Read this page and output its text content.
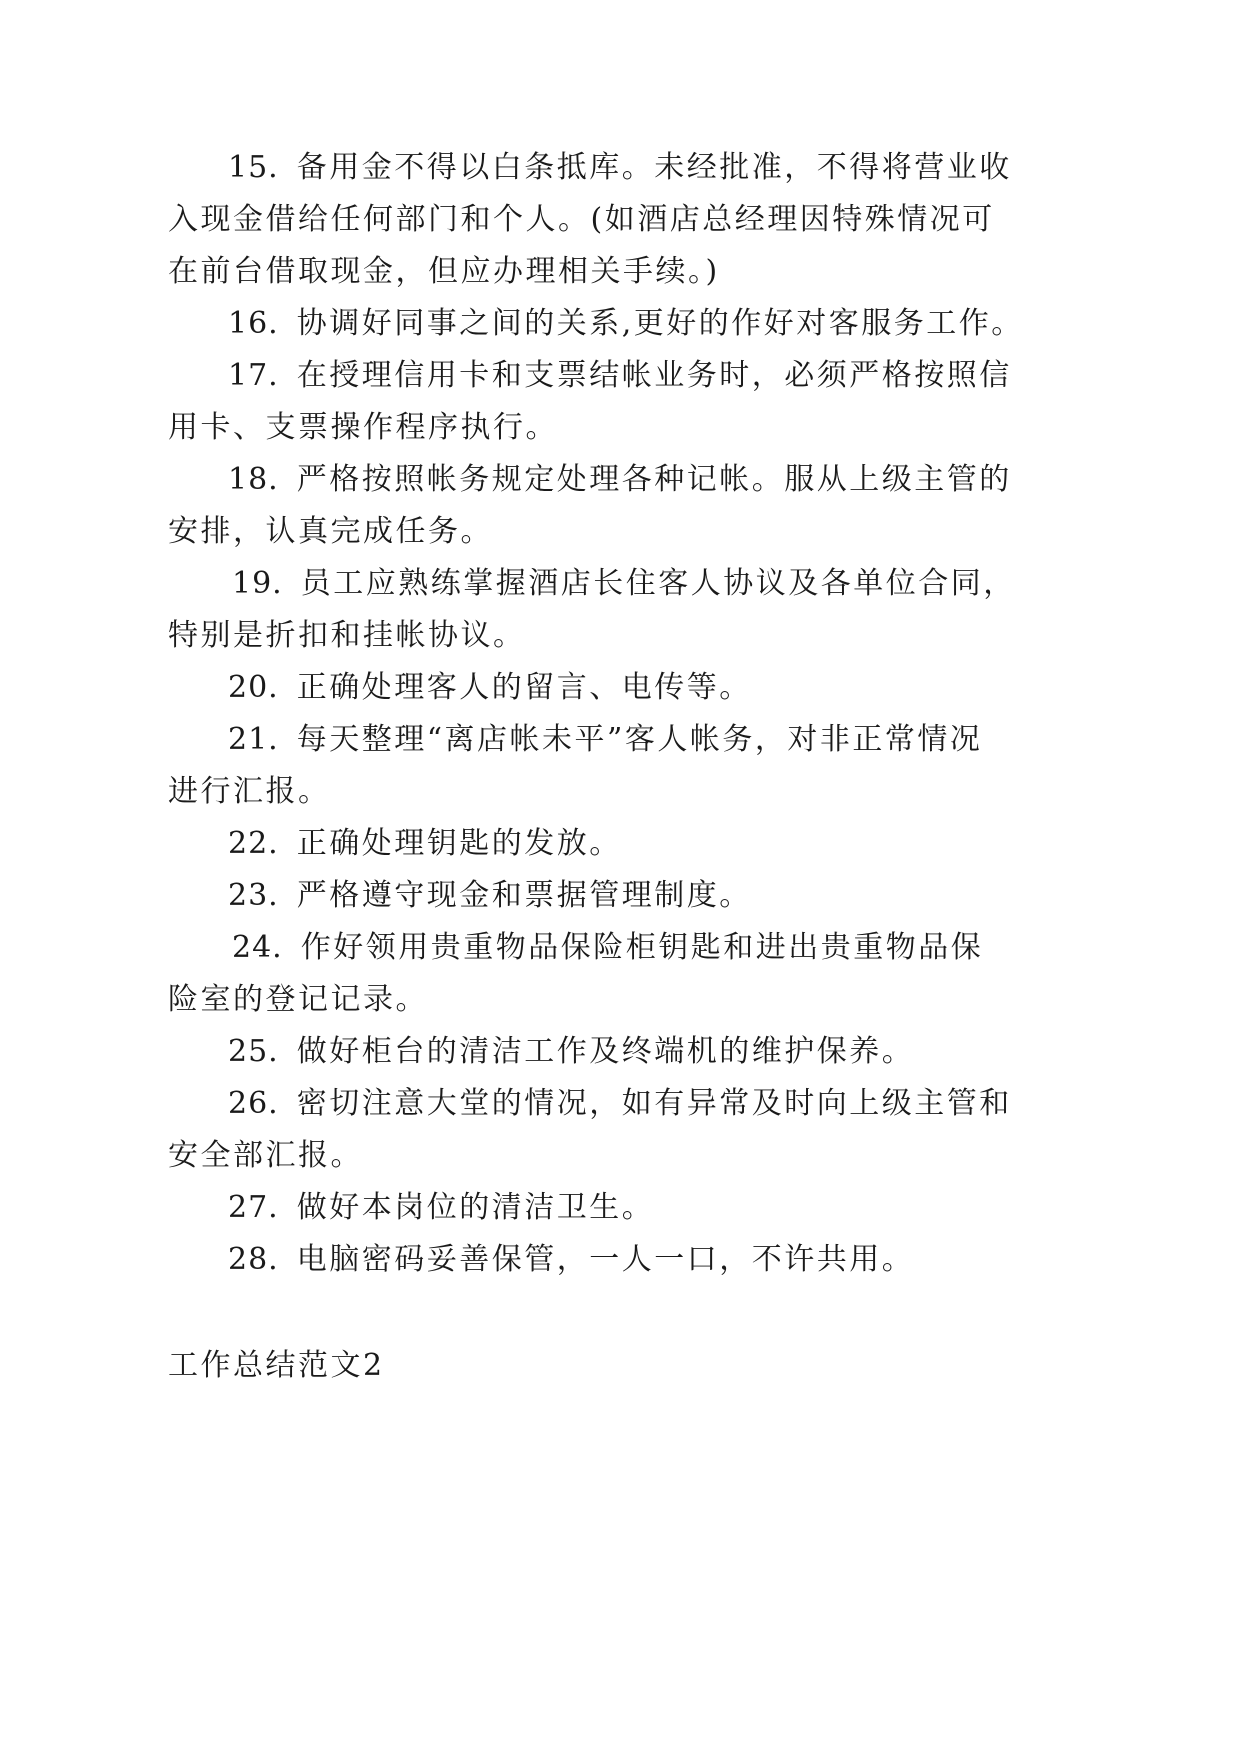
15. 备用金不得以白条抵库。未经批准，不得将营业收

入现金借给任何部门和个人。(如酒店总经理因特殊情况可

在前台借取现金，但应办理相关手续。)

16. 协调好同事之间的关系,更好的作好对客服务工作。

17. 在授理信用卡和支票结帐业务时，必须严格按照信

用卡、支票操作程序执行。

18. 严格按照帐务规定处理各种记帐。服从上级主管的

安排，认真完成任务。

19. 员工应熟练掌握酒店长住客人协议及各单位合同，

特别是折扣和挂帐协议。

20. 正确处理客人的留言、电传等。

21. 每天整理“离店帐未平”客人帐务，对非正常情况

进行汇报。

22. 正确处理钥匙的发放。

23. 严格遵守现金和票据管理制度。

24. 作好领用贵重物品保险柜钥匙和进出贵重物品保

险室的登记记录。

25. 做好柜台的清洁工作及终端机的维护保养。

26. 密切注意大堂的情况，如有异常及时向上级主管和

安全部汇报。

27. 做好本岗位的清洁卫生。

28. 电脑密码妥善保管，一人一口，不许共用。

工作总结范文2
